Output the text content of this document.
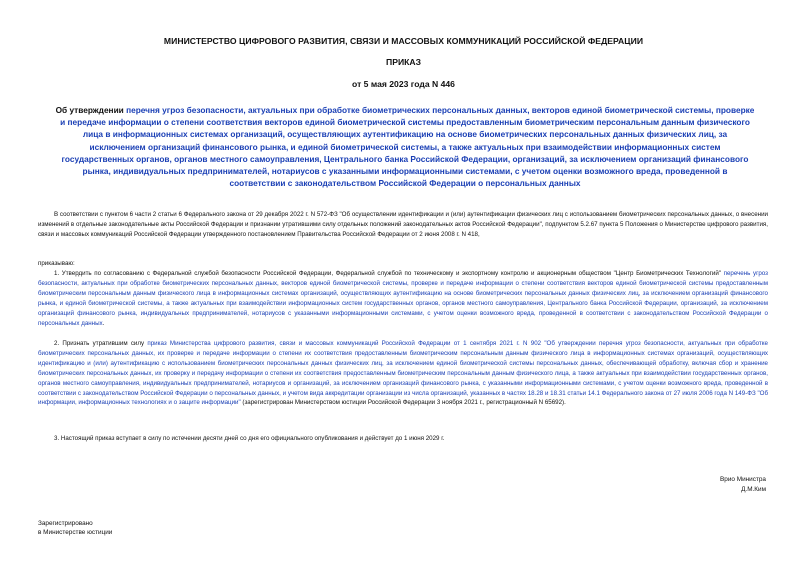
МИНИСТЕРСТВО ЦИФРОВОГО РАЗВИТИЯ, СВЯЗИ И МАССОВЫХ КОММУНИКАЦИЙ РОССИЙСКОЙ ФЕДЕРАЦИИ
ПРИКАЗ
от 5 мая 2023 года N 446
Об утверждении перечня угроз безопасности, актуальных при обработке биометрических персональных данных, векторов единой биометрической системы, проверке и передаче информации о степени соответствия векторов единой биометрической системы предоставленным биометрическим персональным данным физического лица в информационных системах организаций, осуществляющих аутентификацию на основе биометрических персональных данных физических лиц, за исключением организаций финансового рынка, и единой биометрической системы, а также актуальных при взаимодействии информационных систем государственных органов, органов местного самоуправления, Центрального банка Российской Федерации, организаций, за исключением организаций финансового рынка, индивидуальных предпринимателей, нотариусов с указанными информационными системами, с учетом оценки возможного вреда, проведенной в соответствии с законодательством Российской Федерации о персональных данных

В соответствии с пунктом 6 части 2 статьи 6 Федерального закона от 29 декабря 2022 г. N 572-ФЗ "Об осуществлении идентификации и (или) аутентификации физических лиц с использованием биометрических персональных данных, о внесении изменений в отдельные законодательные акты Российской Федерации и признании утратившими силу отдельных положений законодательных актов Российской Федерации", подпунктом 5.2.67 пункта 5 Положения о Министерстве цифрового развития, связи и массовых коммуникаций Российской Федерации утвержденного постановлением Правительства Российской Федерации от 2 июня 2008 г. N 418,

приказываю:

1. Утвердить по согласованию с Федеральной службой безопасности Российской Федерации, Федеральной службой по техническому и экспортному контролю и акционерным обществом "Центр Биометрических Технологий" перечень угроз безопасности, актуальных при обработке биометрических персональных данных, векторов единой биометрической системы, проверке и передаче информации о степени соответствия векторов единой биометрической системы предоставленным биометрическим персональным данным физического лица в информационных системах организаций, осуществляющих аутентификацию на основе биометрических персональных данных физических лиц, за исключением организаций финансового рынка, и единой биометрической системы, а также актуальных при взаимодействии информационных систем государственных органов, органов местного самоуправления, Центрального банка Российской Федерации, организаций, за исключением организаций финансового рынка, индивидуальных предпринимателей, нотариусов с указанными информационными системами, с учетом оценки возможного вреда, проведенной в соответствии с законодательством Российской Федерации о персональных данных.

2. Признать утратившим силу приказ Министерства цифрового развития, связи и массовых коммуникаций Российской Федерации от 1 сентября 2021 г. N 902 "Об утверждении перечня угроз безопасности, актуальных при обработке биометрических персональных данных, их проверке и передаче информации о степени их соответствия предоставленным биометрическим персональным данным физического лица в информационных системах организаций, осуществляющих идентификацию и (или) аутентификацию с использованием биометрических персональных данных физических лиц, за исключением единой биометрической системы персональных данных, обеспечивающей обработку, включая сбор и хранение биометрических персональных данных, их проверку и передачу информации о степени их соответствия предоставленным биометрическим персональным данным физического лица, а также актуальных при взаимодействии государственных органов, органов местного самоуправления, индивидуальных предпринимателей, нотариусов и организаций, за исключением организаций финансового рынка, с указанными информационными системами, с учетом оценки возможного вреда, проведенной в соответствии с законодательством Российской Федерации о персональных данных, и учетом вида аккредитации организации из числа организаций, указанных в частях 18.28 и 18.31 статьи 14.1 Федерального закона от 27 июля 2006 года N 149-ФЗ "Об информации, информационных технологиях и о защите информации" (зарегистрирован Министерством юстиции Российской Федерации 3 ноября 2021 г., регистрационный N 65692).

3. Настоящий приказ вступает в силу по истечении десяти дней со дня его официального опубликования и действует до 1 июня 2029 г.

Врио Министра
Д.М.Ким
Зарегистрировано
в Министерстве юстиции
